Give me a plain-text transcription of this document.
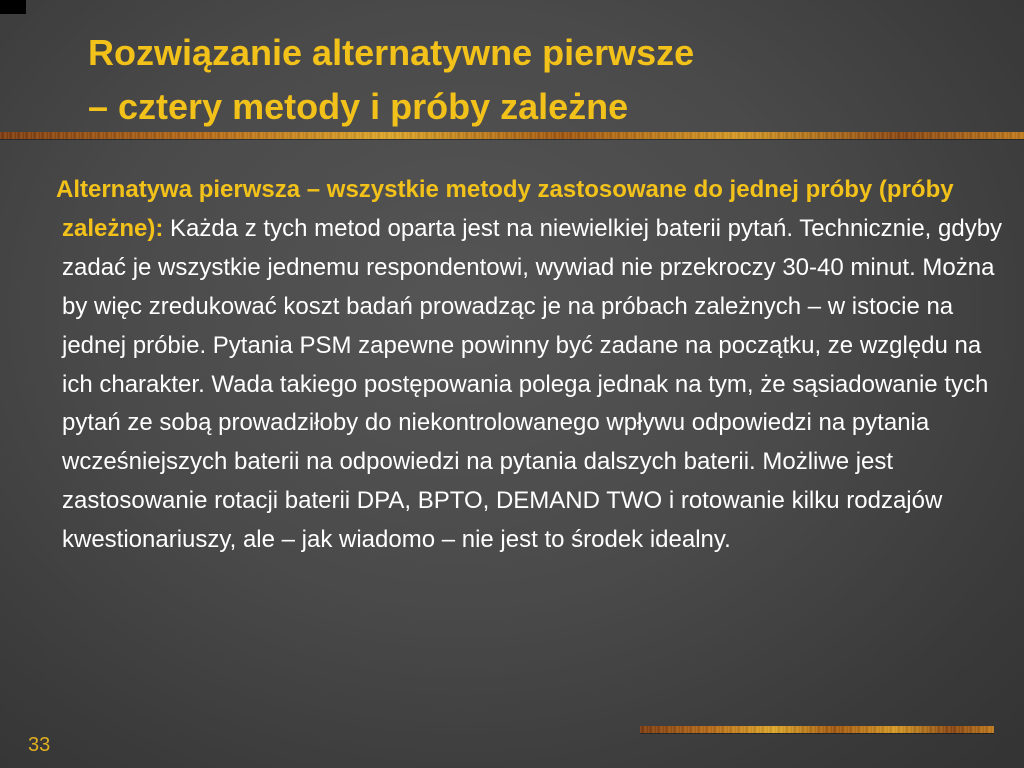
Rozwiązanie alternatywne pierwsze
– cztery metody i próby zależne

Alternatywa pierwsza – wszystkie metody zastosowane do jednej próby (próby zależne): Każda z tych metod oparta jest na niewielkiej baterii pytań. Technicznie, gdyby zadać je wszystkie jednemu respondentowi, wywiad nie przekroczy 30-40 minut. Można by więc zredukować koszt badań prowadząc je na próbach zależnych – w istocie na jednej próbie. Pytania PSM zapewne powinny być zadane na początku, ze względu na ich charakter. Wada takiego postępowania polega jednak na tym, że sąsiadowanie tych pytań ze sobą prowadziłoby do niekontrolowanego wpływu odpowiedzi na pytania wcześniejszych baterii na odpowiedzi na pytania dalszych baterii. Możliwe jest zastosowanie rotacji baterii DPA, BPTO, DEMAND TWO i rotowanie kilku rodzajów kwestionariuszy, ale – jak wiadomo – nie jest to środek idealny.

33
